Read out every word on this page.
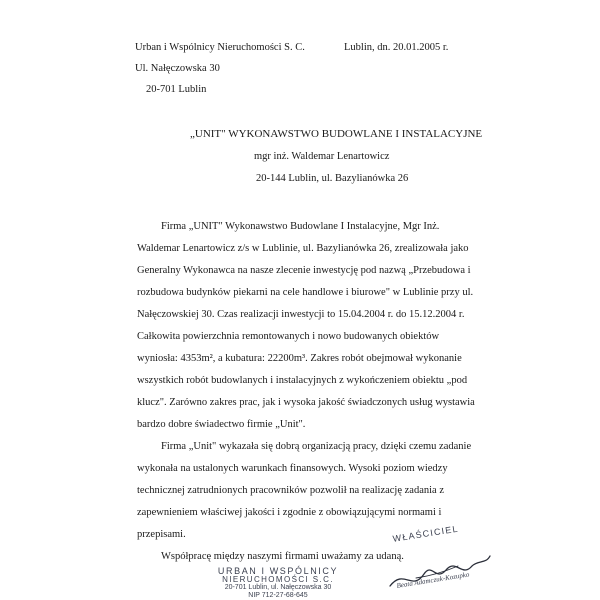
Urban i Wspólnicy Nieruchomości S. C.
Ul. Nałęczowska 30
20-701 Lublin
Lublin, dn. 20.01.2005 r.
„UNIT" WYKONAWSTWO BUDOWLANE I INSTALACYJNE
mgr inż. Waldemar Lenartowicz
20-144 Lublin, ul. Bazylianówka 26
Firma „UNIT" Wykonawstwo Budowlane I Instalacyjne, Mgr Inż.
Waldemar Lenartowicz z/s w Lublinie, ul. Bazylianówka 26, zrealizowała jako
Generalny Wykonawca na nasze zlecenie inwestycję pod nazwą „Przebudowa i
rozbudowa budynków piekarni na cele handlowe i biurowe" w Lublinie przy ul.
Nałęczowskiej 30. Czas realizacji inwestycji to 15.04.2004 r. do 15.12.2004 r.
Całkowita powierzchnia remontowanych i nowo budowanych obiektów
wyniosła: 4353m², a kubatura: 22200m³. Zakres robót obejmował wykonanie
wszystkich robót budowlanych i instalacyjnych z wykończeniem obiektu „pod
klucz". Zarówno zakres prac, jak i wysoka jakość świadczonych usług wystawia
bardzo dobre świadectwo firmie „Unit".
Firma „Unit" wykazała się dobrą organizacją pracy, dzięki czemu zadanie
wykonała na ustalonych warunkach finansowych. Wysoki poziom wiedzy
technicznej zatrudnionych pracowników pozwolił na realizację zadania z
zapewnieniem właściwej jakości i zgodnie z obowiązującymi normami i
przepisami.
Współpracę między naszymi firmami uważamy za udaną.
URBAN I WSPÓLNICY
NIERUCHOMOŚCI S.C.
20-701 Lublin, ul. Nałęczowska 30
NIP 712-27-68-645
WŁAŚCICIEL
Beata Adamczuk-Kozupko
